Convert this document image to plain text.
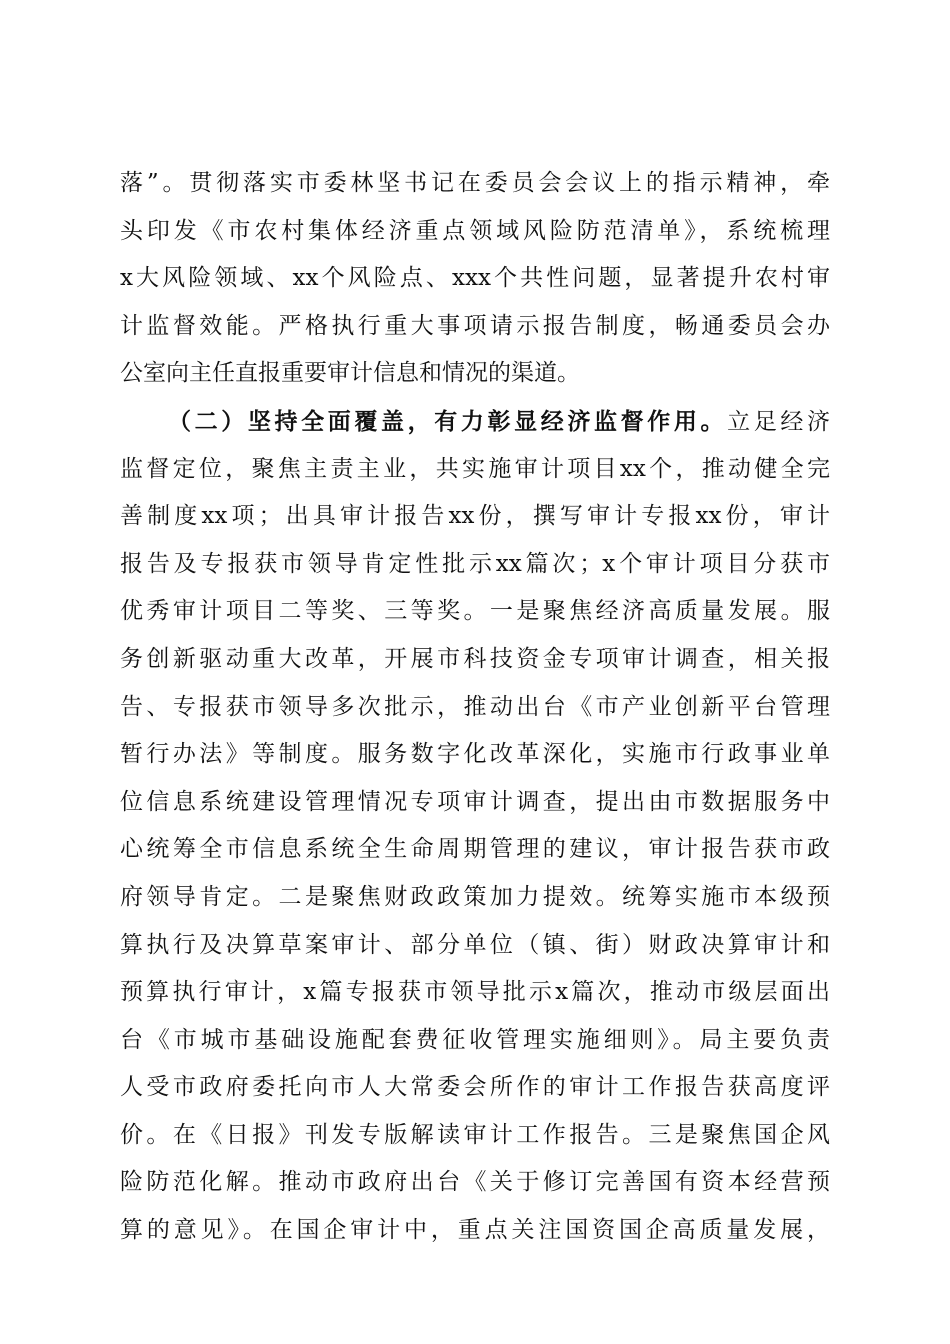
落”。贯彻落实市委林坚书记在委员会会议上的指示精神，牵
头印发《市农村集体经济重点领域风险防范清单》，系统梳理
x大风险领域、xx个风险点、xxx个共性问题，显著提升农村审
计监督效能。严格执行重大事项请示报告制度，畅通委员会办
公室向主任直报重要审计信息和情况的渠道。
（二）坚持全面覆盖，有力彰显经济监督作用。立足经济
监督定位，聚焦主责主业，共实施审计项目xx个，推动健全完
善制度xx项；出具审计报告xx份，撰写审计专报xx份，审计
报告及专报获市领导肯定性批示xx篇次；x个审计项目分获市
优秀审计项目二等奖、三等奖。一是聚焦经济高质量发展。服
务创新驱动重大改革，开展市科技资金专项审计调查，相关报
告、专报获市领导多次批示，推动出台《市产业创新平台管理
暂行办法》等制度。服务数字化改革深化，实施市行政事业单
位信息系统建设管理情况专项审计调查，提出由市数据服务中
心统筹全市信息系统全生命周期管理的建议，审计报告获市政
府领导肯定。二是聚焦财政政策加力提效。统筹实施市本级预
算执行及决算草案审计、部分单位（镇、街）财政决算审计和
预算执行审计，x篇专报获市领导批示x篇次，推动市级层面出
台《市城市基础设施配套费征收管理实施细则》。局主要负责
人受市政府委托向市人大常委会所作的审计工作报告获高度评
价。在《日报》刊发专版解读审计工作报告。三是聚焦国企风
险防范化解。推动市政府出台《关于修订完善国有资本经营预
算的意见》。在国企审计中，重点关注国资国企高质量发展，
